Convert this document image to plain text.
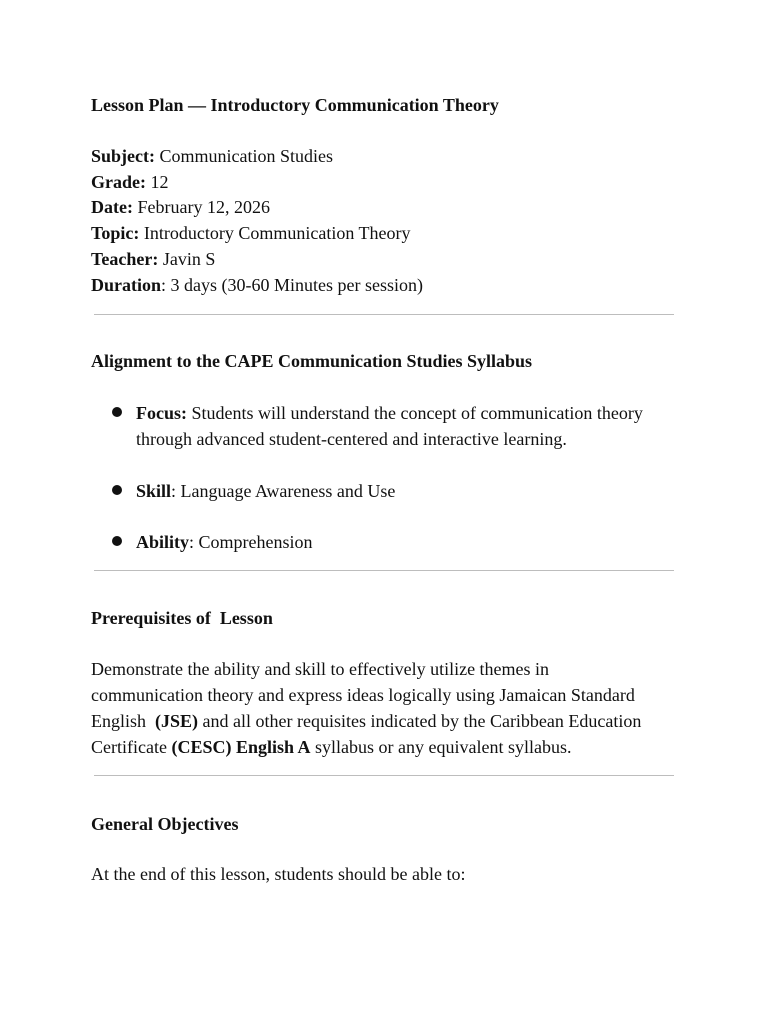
Lesson Plan — Introductory Communication Theory
Subject: Communication Studies
Grade: 12
Date: February 12, 2026
Topic: Introductory Communication Theory
Teacher: Javin S
Duration: 3 days (30-60 Minutes per session)
Alignment to the CAPE Communication Studies Syllabus
Focus: Students will understand the concept of communication theory
through advanced student-centered and interactive learning.
Skill: Language Awareness and Use
Ability: Comprehension
Prerequisites of  Lesson
Demonstrate the ability and skill to effectively utilize themes in
communication theory and express ideas logically using Jamaican Standard
English  (JSE) and all other requisites indicated by the Caribbean Education
Certificate (CESC) English A syllabus or any equivalent syllabus.
General Objectives
At the end of this lesson, students should be able to:
